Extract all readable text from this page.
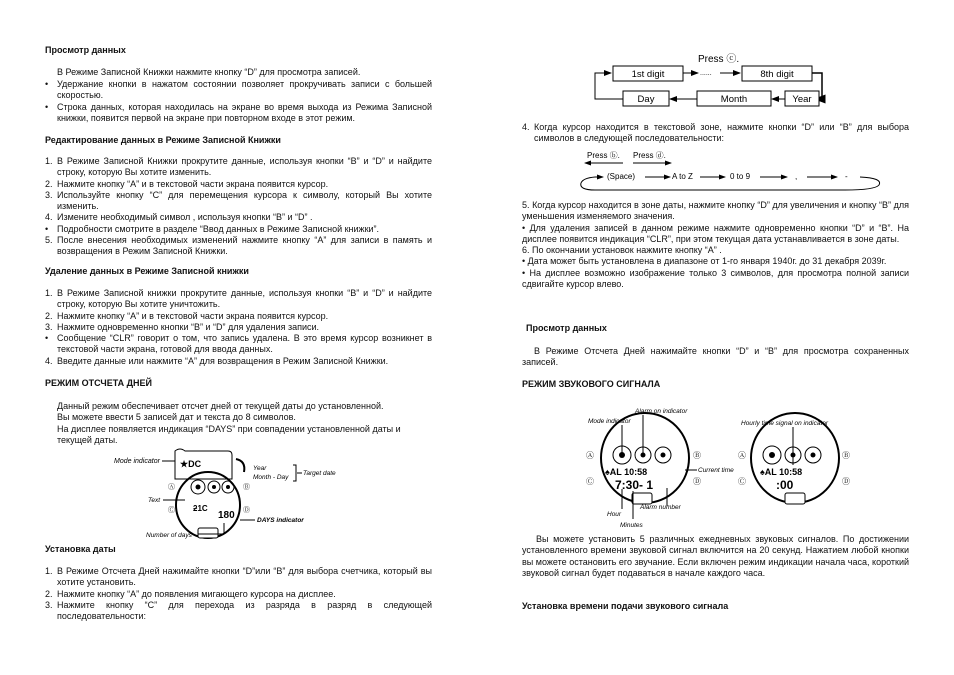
Просмотр данных
В Режиме Записной Книжки нажмите кнопку “D” для просмотра записей.
• Удержание кнопки в нажатом состоянии позволяет прокручивать записи с большей скоростью.
• Строка данных, которая находилась на экране во время выхода из Режима Записной книжки, появится первой на экране при повторном входе в этот режим.
Редактирование данных в Режиме Записной Книжки
1. В Режиме Записной Книжки прокрутите данные, используя кнопки “B” и “D” и найдите строку, которую Вы хотите изменить.
2. Нажмите кнопку “A” и в текстовой части экрана появится курсор.
3. Используйте кнопку “C” для перемещения курсора к символу, который Вы хотите изменить.
4. Измените необходимый символ , используя кнопки “B” и “D” .
• Подробности смотрите в разделе “Ввод данных в Режиме Записной книжки”.
5. После внесения необходимых изменений нажмите кнопку “A” для записи в память и возвращения в Режим Записной Книжки.
Удаление данных в Режиме Записной книжки
1. В Режиме Записной книжки прокрутите данные, используя кнопки “B” и “D” и найдите строку, которую Вы хотите уничтожить.
2. Нажмите кнопку “A” и в текстовой части экрана появится курсор.
3. Нажмите одновременно кнопки “B” и “D” для удаления записи.
• Сообщение “CLR” говорит о том, что запись удалена. В это время курсор возникнет в текстовой части экрана, готовой для ввода данных.
4. Введите данные или нажмите “A” для возвращения в Режим Записной Книжки.
РЕЖИМ ОТСЧЕТА ДНЕЙ
Данный режим обеспечивает отсчет дней от текущей даты до установленной.
Вы можете ввести 5 записей дат и текста до 8 символов.
На дисплее появляется индикация “DAYS” при совпадении установленной даты и текущей даты.
★DC
ƻ1C
180
Mode indicator
Year
Month - Day
Target date
Text
DAYS indicator
Number of days
Ⓐ	Ⓑ
Ⓒ	Ⓓ
Установка даты
1. В Режиме Отсчета Дней нажимайте кнопки “D”или “B” для выбора счетчика, который вы хотите установить.
2. Нажмите кнопку “A” до появления мигающего курсора на дисплее.
3. Нажмите кнопку “C” для перехода из разряда в разряд в следующей последовательности:
Press ⓒ.
1st digit	......	8th digit
Year
Month
Day
4. Когда курсор находится в текстовой зоне, нажмите кнопки “D” или “B” для выбора символов в следующей последовательности:
Press ⓑ. Press ⓓ.
(Space)	A to Z	0 to 9	,	-
5. Когда курсор находится в зоне даты, нажмите кнопку “D” для увеличения и кнопку “B” для уменьшения изменяемого значения.
• Для удаления записей в данном режиме нажмите одновременно кнопки “D” и “B”. На дисплее появится индикация “CLR”, при этом текущая дата устанавливается в зоне даты.
6. По окончании установок нажмите кнопку “A” .
• Дата может быть установлена в диапазоне от 1-го января 1940г. до 31 декабря 2039г.
• На дисплее возможно изображение только 3 символов, для просмотра полной записи сдвигайте курсор влево.
Просмотр данных
В Режиме Отсчета Дней нажимайте кнопки “D” и “B” для просмотра сохраненных записей.
РЕЖИМ ЗВУКОВОГО СИГНАЛА
♠AL 10:58
7:30- 1
Ⓐ	Ⓑ
Ⓒ	Ⓓ
Alarm on indicator
Mode indicator
Current time
Alarm number
Hour
Minutes
♠AL 10:58
:00
Ⓐ	Ⓑ
Ⓒ	Ⓓ
Hourly time signal on indicator
Вы можете установить 5 различных ежедневных звуковых сигналов. По достижении установленного времени звуковой сигнал включится на 20 секунд. Нажатием любой кнопки вы можете остановить его звучание. Если включен режим индикации начала часа, короткий звуковой сигнал будет подаваться в начале каждого часа.
Установка времени подачи звукового сигнала
